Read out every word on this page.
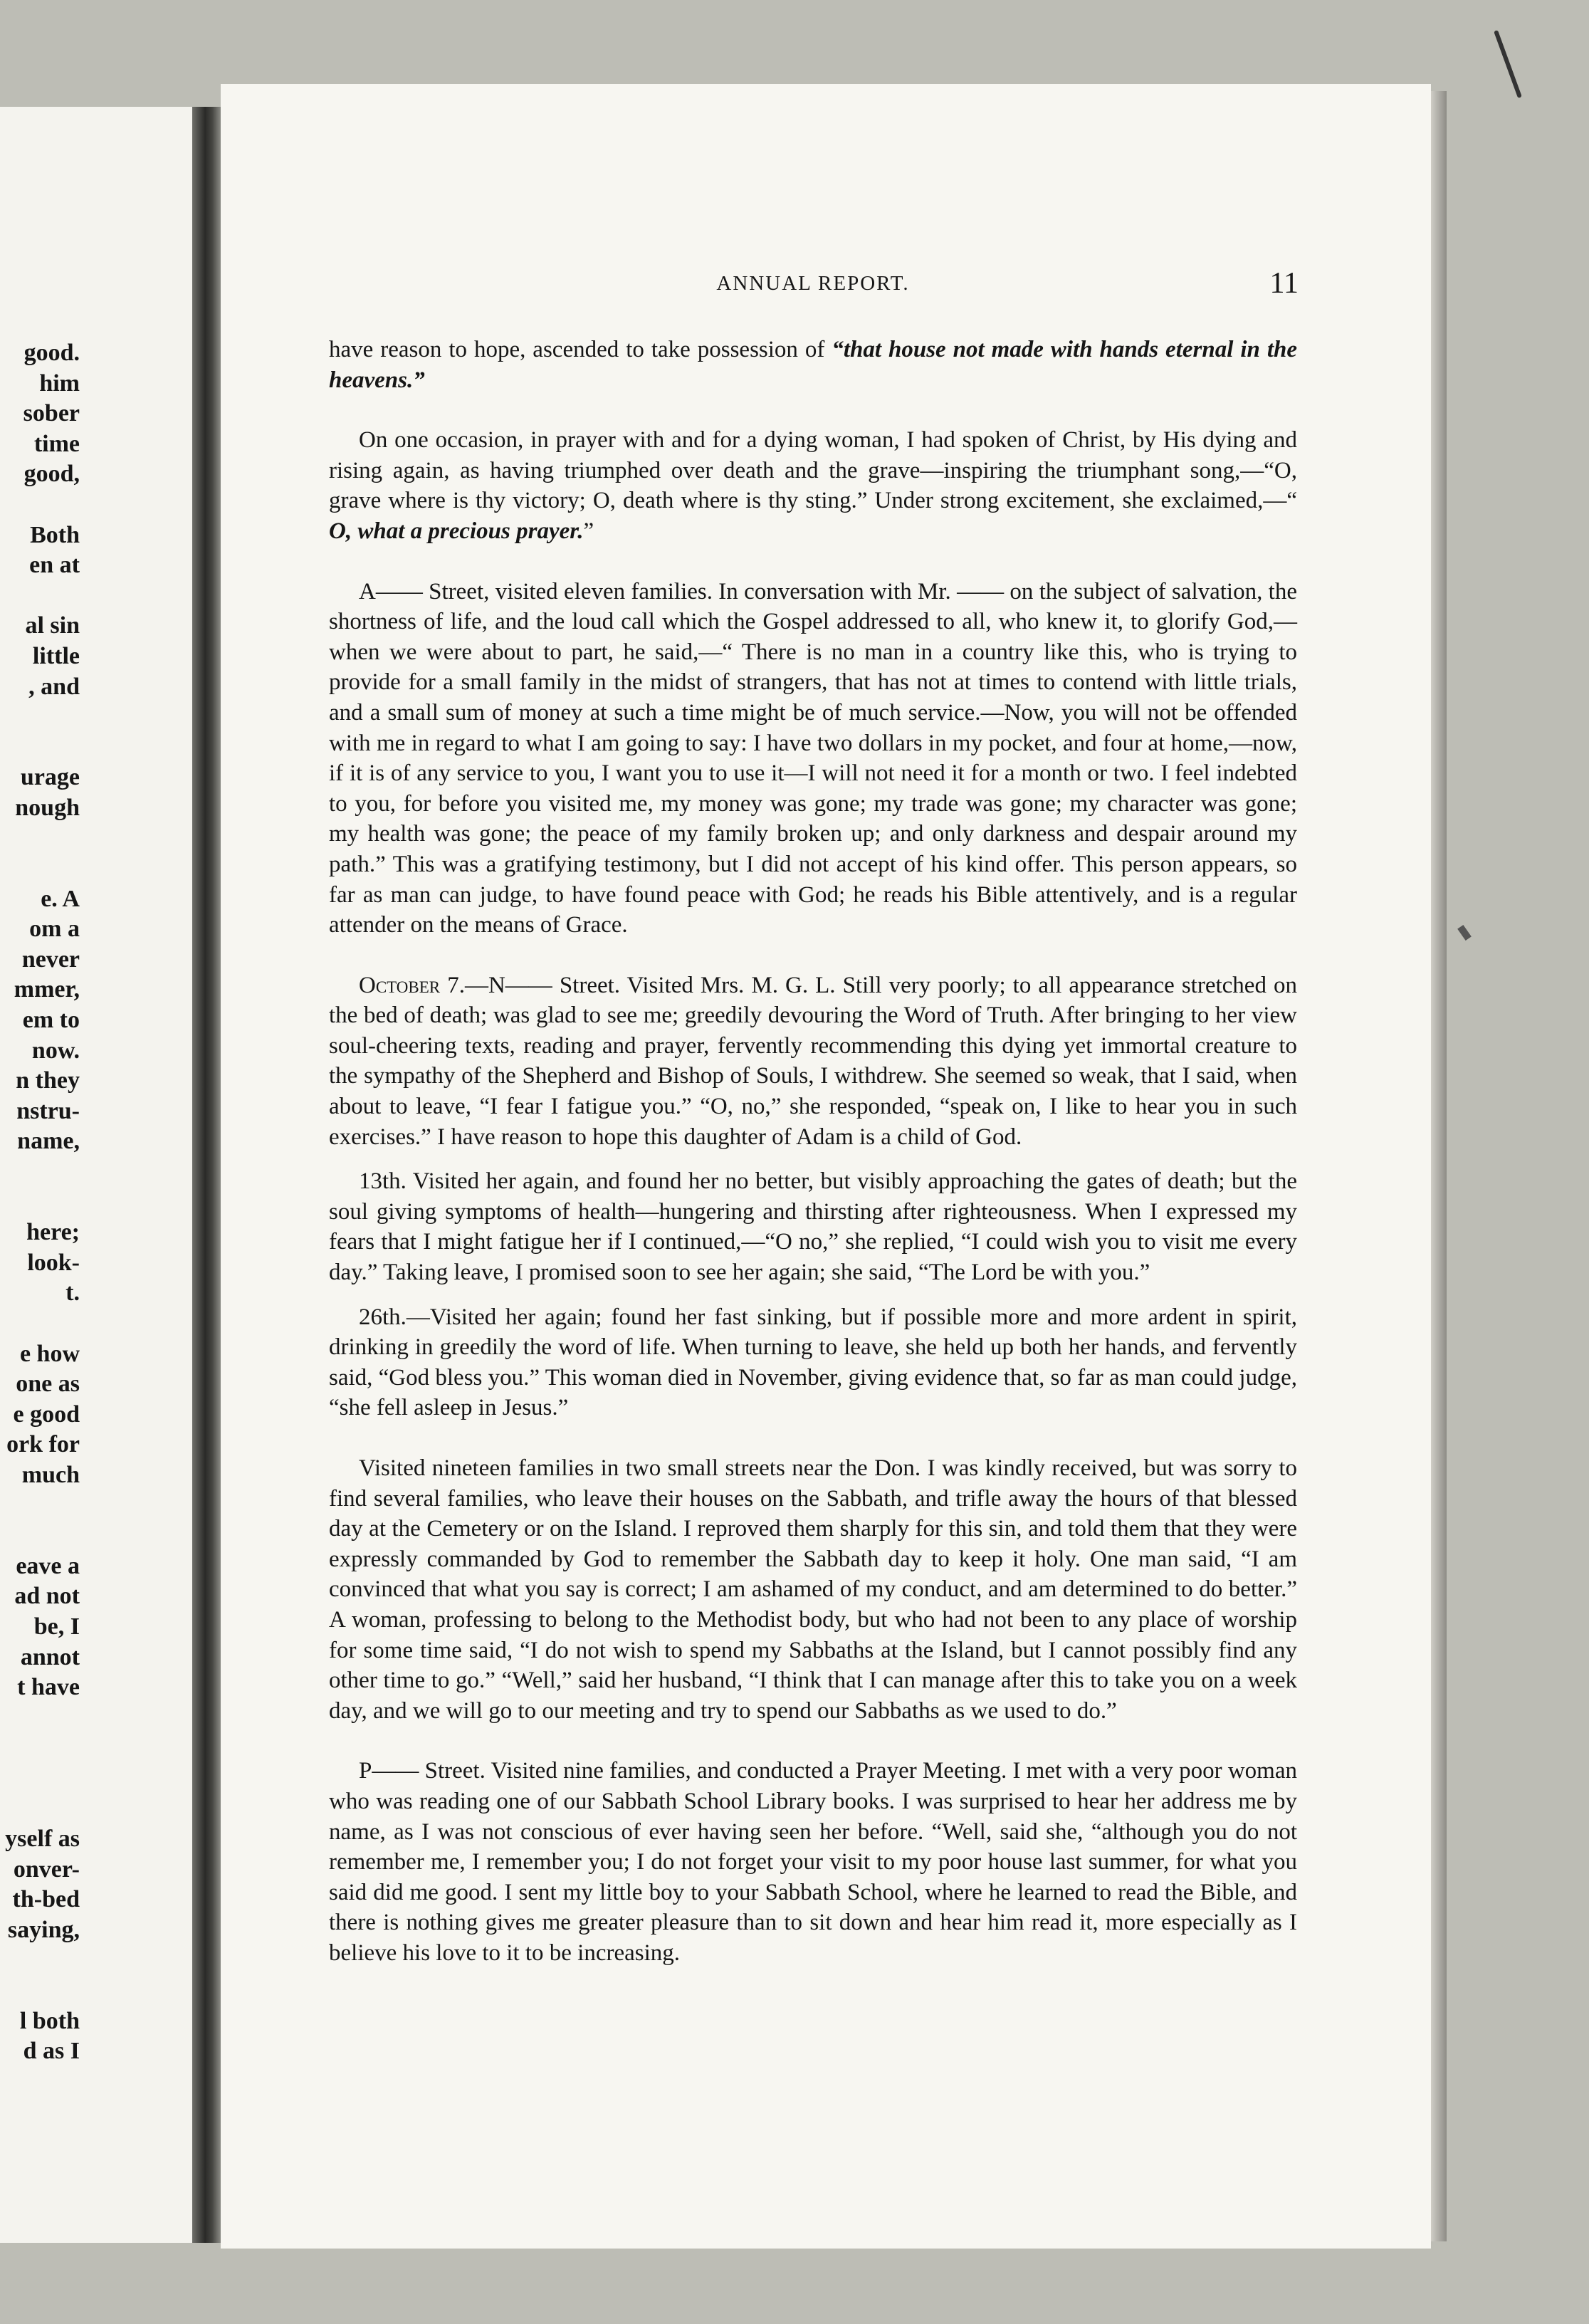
good.
him
sober
time
good,
Both
en at
al sin
little
, and
urage
nough
e. A
om a
never
mmer,
em to
now.
n they
nstru-
name,
here;
look-
t.
e how
one as
e good
ork for
much
eave a
ad not
be, I
annot
t have
yself as
onver-
th-bed
saying,
l both
d as I
ANNUAL REPORT.	11

have reason to hope, ascended to take possession of “that house not made with hands eternal in the heavens.”

On one occasion, in prayer with and for a dying woman, I had spoken of Christ, by His dying and rising again, as having triumphed over death and the grave—inspiring the triumphant song,—“O, grave where is thy victory; O, death where is thy sting.” Under strong excitement, she exclaimed,—“ O, what a precious prayer.”

A—— Street, visited eleven families. In conversation with Mr. —— on the subject of salvation, the shortness of life, and the loud call which the Gospel addressed to all, who knew it, to glorify God,—when we were about to part, he said,—“ There is no man in a country like this, who is trying to provide for a small family in the midst of strangers, that has not at times to contend with little trials, and a small sum of money at such a time might be of much service.—Now, you will not be offended with me in regard to what I am going to say: I have two dollars in my pocket, and four at home,—now, if it is of any service to you, I want you to use it—I will not need it for a month or two. I feel indebted to you, for before you visited me, my money was gone; my trade was gone; my character was gone; my health was gone; the peace of my family broken up; and only darkness and despair around my path.” This was a gratifying testimony, but I did not accept of his kind offer. This person appears, so far as man can judge, to have found peace with God; he reads his Bible attentively, and is a regular attender on the means of Grace.

October 7.—N—— Street. Visited Mrs. M. G. L. Still very poorly; to all appearance stretched on the bed of death; was glad to see me; greedily devouring the Word of Truth. After bringing to her view soul-cheering texts, reading and prayer, fervently recommending this dying yet immortal creature to the sympathy of the Shepherd and Bishop of Souls, I withdrew. She seemed so weak, that I said, when about to leave, “I fear I fatigue you.” “O, no,” she responded, “speak on, I like to hear you in such exercises.” I have reason to hope this daughter of Adam is a child of God.

13th. Visited her again, and found her no better, but visibly approaching the gates of death; but the soul giving symptoms of health—hungering and thirsting after righteousness. When I expressed my fears that I might fatigue her if I continued,—“O no,” she replied, “I could wish you to visit me every day.” Taking leave, I promised soon to see her again; she said, “The Lord be with you.”

26th.—Visited her again; found her fast sinking, but if possible more and more ardent in spirit, drinking in greedily the word of life. When turning to leave, she held up both her hands, and fervently said, “God bless you.” This woman died in November, giving evidence that, so far as man could judge, “she fell asleep in Jesus.”

Visited nineteen families in two small streets near the Don. I was kindly received, but was sorry to find several families, who leave their houses on the Sabbath, and trifle away the hours of that blessed day at the Cemetery or on the Island. I reproved them sharply for this sin, and told them that they were expressly commanded by God to remember the Sabbath day to keep it holy. One man said, “I am convinced that what you say is correct; I am ashamed of my conduct, and am determined to do better.” A woman, professing to belong to the Methodist body, but who had not been to any place of worship for some time said, “I do not wish to spend my Sabbaths at the Island, but I cannot possibly find any other time to go.” “Well,” said her husband, “I think that I can manage after this to take you on a week day, and we will go to our meeting and try to spend our Sabbaths as we used to do.”

P—— Street. Visited nine families, and conducted a Prayer Meeting. I met with a very poor woman who was reading one of our Sabbath School Library books. I was surprised to hear her address me by name, as I was not conscious of ever having seen her before. “Well, said she, “although you do not remember me, I remember you; I do not forget your visit to my poor house last summer, for what you said did me good. I sent my little boy to your Sabbath School, where he learned to read the Bible, and there is nothing gives me greater pleasure than to sit down and hear him read it, more especially as I believe his love to it to be increasing.
